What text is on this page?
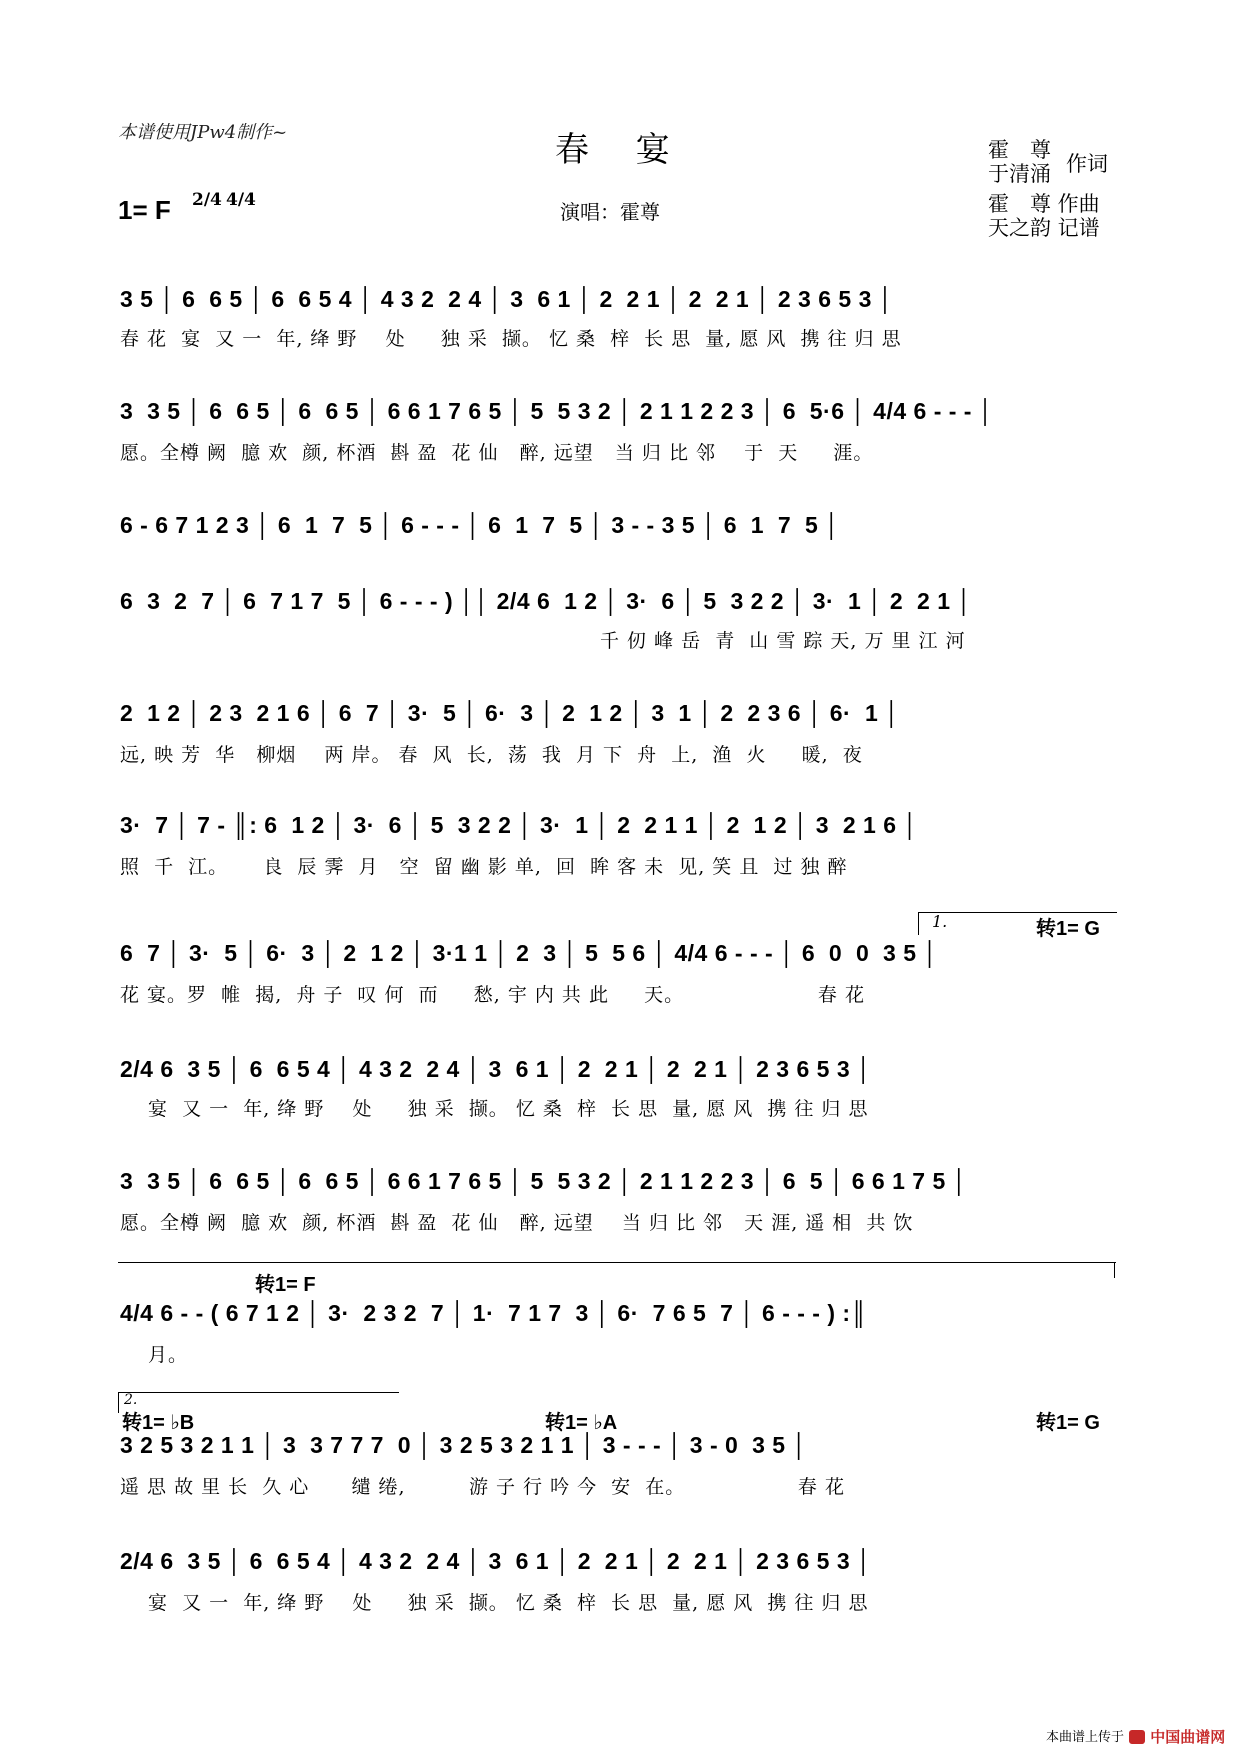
本谱使用JPw4制作~	春 宴
1= F 2/4 4/4	演唱：霍尊
霍　尊
于清涌
霍　尊 作曲
天之韵 记谱
作词
3 5 │ 6  6 5 │ 6  6 5 4 │ 4 3 2  2 4 │ 3  6 1 │ 2  2 1 │ 2  2 1 │ 2 3 6 5 3 │
春 花  宴  又 一  年, 绛 野    处     独 采  撷。 忆 桑  梓  长 思  量, 愿 风  携 往 归 思
3  3 5 │ 6  6 5 │ 6  6 5 │ 6 6 1 7 6 5 │ 5  5 3 2 │ 2 1 1 2 2 3 │ 6  5·6 │ 4/4 6 - - - │
愿。全樽 阙  臆 欢  颜, 杯酒  斟 盈  花 仙   醉, 远望   当 归 比 邻    于  天     涯。
6 - 6 7 1 2 3 │ 6  1  7  5 │ 6 - - - │ 6  1  7  5 │ 3 - - 3 5 │ 6  1  7  5 │
6  3  2  7 │ 6  7 1 7  5 │ 6 - - - ) ││ 2/4 6  1 2 │ 3·  6 │ 5  3 2 2 │ 3·  1 │ 2  2 1 │
千 仞 峰 岳  青  山 雪 踪 天, 万 里 江 河
2  1 2 │ 2 3  2 1 6 │ 6  7 │ 3·  5 │ 6·  3 │ 2  1 2 │ 3  1 │ 2  2 3 6 │ 6·  1 │
远, 映 芳  华   柳烟    两 岸。 春  风  长,  荡  我  月 下  舟  上,  渔  火     暖,  夜
3·  7 │ 7 - ║: 6  1 2 │ 3·  6 │ 5  3 2 2 │ 3·  1 │ 2  2 1 1 │ 2  1 2 │ 3  2 1 6 │
照  千  江。     良  辰 霁  月   空  留 幽 影 单,  回  眸 客 未  见, 笑 且  过 独 醉
1.	转1= G
6  7 │ 3·  5 │ 6·  3 │ 2  1 2 │ 3·1 1 │ 2  3 │ 5  5 6 │ 4/4 6 - - - │ 6  0  0  3 5 │
花 宴。罗  帷  揭,  舟 子  叹 何  而     愁, 宇 内 共 此     天。                   春 花
2/4 6  3 5 │ 6  6 5 4 │ 4 3 2  2 4 │ 3  6 1 │ 2  2 1 │ 2  2 1 │ 2 3 6 5 3 │
宴  又 一  年, 绛 野    处     独 采  撷。 忆 桑  梓  长 思  量, 愿 风  携 往 归 思
3  3 5 │ 6  6 5 │ 6  6 5 │ 6 6 1 7 6 5 │ 5  5 3 2 │ 2 1 1 2 2 3 │ 6  5 │ 6 6 1 7 5 │
愿。全樽 阙  臆 欢  颜, 杯酒  斟 盈  花 仙   醉, 远望    当 归 比 邻   天 涯, 遥 相  共 饮
转1= F
4/4 6 - - ( 6 7 1 2 │ 3·  2 3 2  7 │ 1·  7 1 7  3 │ 6·  7 6 5  7 │ 6 - - - ) :║
月。
2.
转1= ♭B	转1= ♭A	转1= G
3 2 5 3 2 1 1 │ 3  3 7 7 7  0 │ 3 2 5 3 2 1 1 │ 3 - - - │ 3 - 0  3 5 │
遥 思 故 里 长  久 心      缱 绻,         游 子 行 吟 今  安  在。                春 花
2/4 6  3 5 │ 6  6 5 4 │ 4 3 2  2 4 │ 3  6 1 │ 2  2 1 │ 2  2 1 │ 2 3 6 5 3 │
宴  又 一  年, 绛 野    处     独 采  撷。 忆 桑  梓  长 思  量, 愿 风  携 往 归 思
本曲谱上传于 中国曲谱网
